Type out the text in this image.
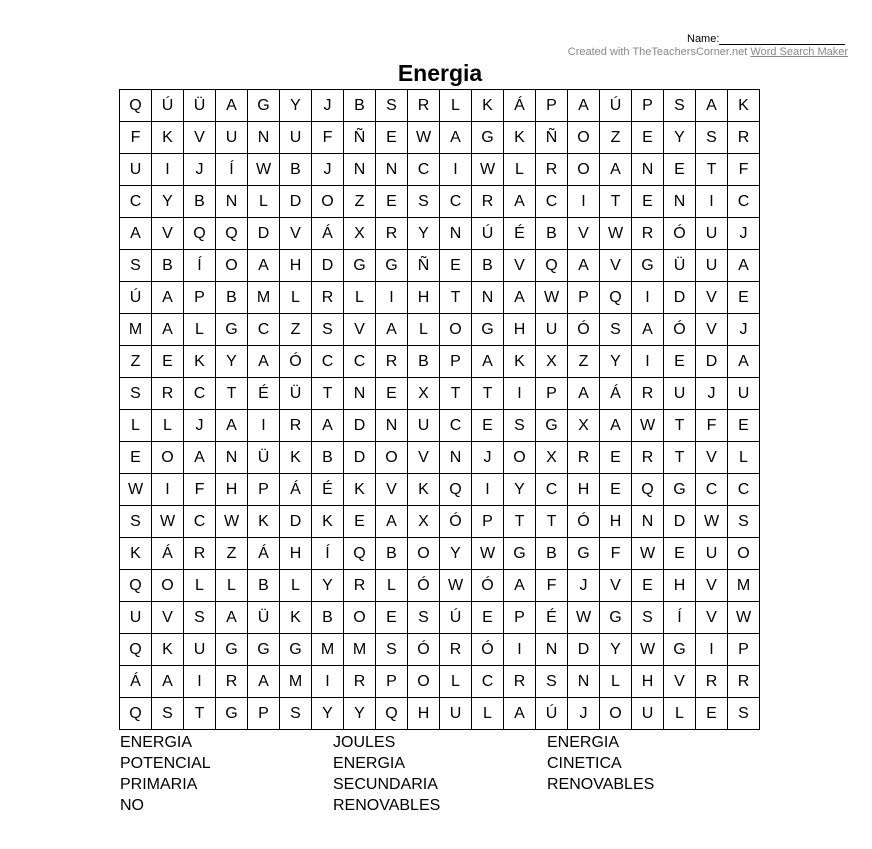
Name:
Created with TheTeachersCorner.net Word Search Maker
Energia
Q	Ú	Ü	A	G	Y	J	B	S	R	L	K	Á	P	A	Ú	P	S	A	K
F	K	V	U	N	U	F	Ñ	E	W	A	G	K	Ñ	O	Z	E	Y	S	R
U	I	J	Í	W	B	J	N	N	C	I	W	L	R	O	A	N	E	T	F
C	Y	B	N	L	D	O	Z	E	S	C	R	A	C	I	T	E	N	I	C
A	V	Q	Q	D	V	Á	X	R	Y	N	Ú	É	B	V	W	R	Ó	U	J
S	B	Í	O	A	H	D	G	G	Ñ	E	B	V	Q	A	V	G	Ü	U	A
Ú	A	P	B	M	L	R	L	I	H	T	N	A	W	P	Q	I	D	V	E
M	A	L	G	C	Z	S	V	A	L	O	G	H	U	Ó	S	A	Ó	V	J
Z	E	K	Y	A	Ó	C	C	R	B	P	A	K	X	Z	Y	I	E	D	A
S	R	C	T	É	Ü	T	N	E	X	T	T	I	P	A	Á	R	U	J	U
L	L	J	A	I	R	A	D	N	U	C	E	S	G	X	A	W	T	F	E
E	O	A	N	Ü	K	B	D	O	V	N	J	O	X	R	E	R	T	V	L
W	I	F	H	P	Á	É	K	V	K	Q	I	Y	C	H	E	Q	G	C	C
S	W	C	W	K	D	K	E	A	X	Ó	P	T	T	Ó	H	N	D	W	S
K	Á	R	Z	Á	H	Í	Q	B	O	Y	W	G	B	G	F	W	E	U	O
Q	O	L	L	B	L	Y	R	L	Ó	W	Ó	A	F	J	V	E	H	V	M
U	V	S	A	Ü	K	B	O	E	S	Ú	E	P	É	W	G	S	Í	V	W
Q	K	U	G	G	G	M	M	S	Ó	R	Ó	I	N	D	Y	W	G	I	P
Á	A	I	R	A	M	I	R	P	O	L	C	R	S	N	L	H	V	R	R
Q	S	T	G	P	S	Y	Y	Q	H	U	L	A	Ú	J	O	U	L	E	S
ENERGIA	JOULES	ENERGIA
POTENCIAL	ENERGIA	CINETICA
PRIMARIA	SECUNDARIA	RENOVABLES
NO	RENOVABLES
